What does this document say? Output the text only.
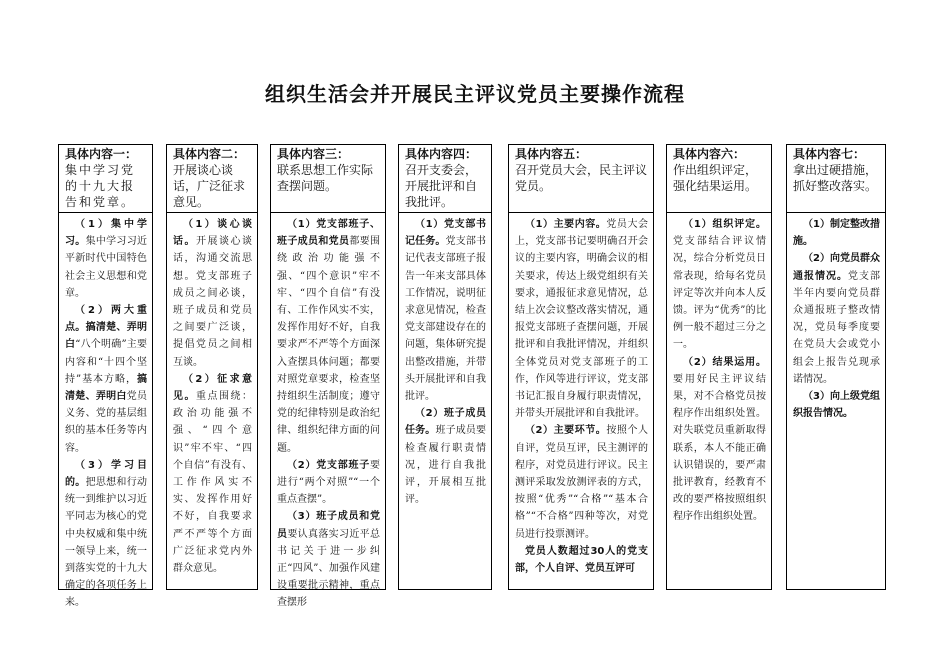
组织生活会并开展民主评议党员主要操作流程
具体内容一：
集中学习党的十九大报告和党章。

（1）集中学习。集中学习习近平新时代中国特色社会主义思想和党章。

（2）两大重点。搞清楚、弄明白“八个明确”主要内容和“十四个坚持”基本方略，搞清楚、弄明白党员义务、党的基层组织的基本任务等内容。

（3）学习目的。把思想和行动统一到维护以习近平同志为核心的党中央权威和集中统一领导上来，统一到落实党的十九大确定的各项任务上来。

具体内容二：
开展谈心谈话，广泛征求意见。

（1）谈心谈话。开展谈心谈话，沟通交流思想。党支部班子成员之间必谈，班子成员和党员之间要广泛谈，提倡党员之间相互谈。

（2）征求意见。重点围绕：政治功能强不强、“四个意识”牢不牢、“四个自信”有没有、工作作风实不实、发挥作用好不好，自我要求严不严等个方面广泛征求党内外群众意见。

具体内容三：
联系思想工作实际查摆问题。

（1）党支部班子、班子成员和党员都要围绕政治功能强不强、“四个意识”牢不牢、“四个自信”有没有、工作作风实不实，发挥作用好不好，自我要求严不严等个方面深入查摆具体问题；都要对照党章要求，检查坚持组织生活制度；遵守党的纪律特别是政治纪律、组织纪律方面的问题。

（2）党支部班子要进行“两个对照”“一个重点查摆”。

（3）班子成员和党员要认真落实习近平总书记关于进一步纠正“四风”、加强作风建设重要批示精神，重点查摆形

具体内容四：
召开支委会，开展批评和自我批评。

（1）党支部书记任务。党支部书记代表支部班子报告一年来支部具体工作情况，说明征求意见情况，检查党支部建设存在的问题，集体研究提出整改措施，并带头开展批评和自我批评。

（2）班子成员任务。班子成员要检查履行职责情况，进行自我批评，开展相互批评。

具体内容五：
召开党员大会，民主评议党员。

（1）主要内容。党员大会上，党支部书记要明确召开会议的主要内容，明确会议的相关要求，传达上级党组织有关要求，通报征求意见情况，总结上次会议整改落实情况，通报党支部班子查摆问题，开展批评和自我批评情况，并组织全体党员对党支部班子的工作，作风等进行评议，党支部书记汇报自身履行职责情况，并带头开展批评和自我批评。

（2）主要环节。按照个人自评，党员互评，民主测评的程序，对党员进行评议。民主测评采取发放测评表的方式，按照“优秀”“合格”“基本合格”“不合格”四种等次，对党员进行投票测评。

党员人数超过30人的党支部，个人自评、党员互评可

具体内容六：
作出组织评定，强化结果运用。

（1）组织评定。党支部结合评议情况，综合分析党员日常表现，给每名党员评定等次并向本人反馈。评为“优秀”的比例一般不超过三分之一。

（2）结果运用。要用好民主评议结果，对不合格党员按程序作出组织处置。对失联党员重新取得联系，本人不能正确认识错误的，要严肃批评教育，经教育不改的要严格按照组织程序作出组织处置。

具体内容七：
拿出过硬措施，抓好整改落实。

（1）制定整改措施。

（2）向党员群众通报情况。党支部半年内要向党员群众通报班子整改情况，党员每季度要在党员大会或党小组会上报告兑现承诺情况。

（3）向上级党组织报告情况。
